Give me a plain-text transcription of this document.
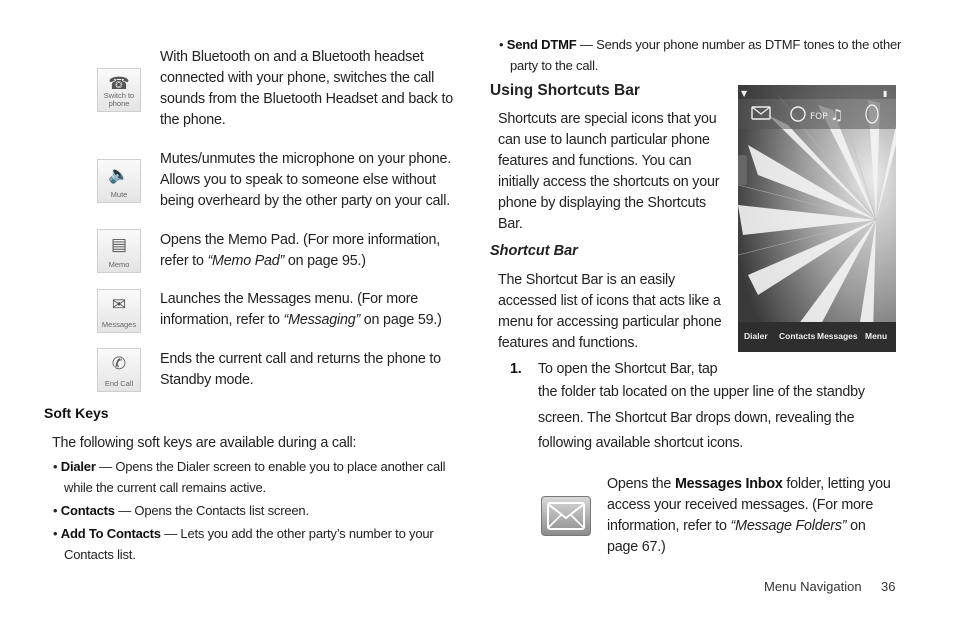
☎
Switch to phone
With Bluetooth on and a Bluetooth headset
connected with your phone, switches the call
sounds from the Bluetooth Headset and back to
the phone.
🔈
Mute
Mutes/unmutes the microphone on your phone.
Allows you to speak to someone else without
being overheard by the other party on your call.
▤
Memo
Opens the Memo Pad. (For more information,
refer to “Memo Pad” on page 95.)
✉
Messages
Launches the Messages menu. (For more
information, refer to “Messaging” on page 59.)
✆
End Call
Ends the current call and returns the phone to
Standby mode.
Soft Keys
The following soft keys are available during a call:
• Dialer — Opens the Dialer screen to enable you to place another call
while the current call remains active.
• Contacts — Opens the Contacts list screen.
• Add To Contacts — Lets you add the other party’s number to your
Contacts list.
• Send DTMF — Sends your phone number as DTMF tones to the other
party to the call.
Using Shortcuts Bar
Shortcuts are special icons that you
can use to launch particular phone
features and functions. You can
initially access the shortcuts on your
phone by displaying the Shortcuts
Bar.
Shortcut Bar
The Shortcut Bar is an easily
accessed list of icons that acts like a
menu for accessing particular phone
features and functions.
1. To open the Shortcut Bar, tap
the folder tab located on the upper line of the standby
screen. The Shortcut Bar drops down, revealing the
following available shortcut icons.
FOP ♫
▼	▮
Dialer Contacts Messages Menu
Opens the Messages Inbox folder, letting you
access your received messages. (For more
information, refer to “Message Folders” on
page 67.)
Menu Navigation 36
